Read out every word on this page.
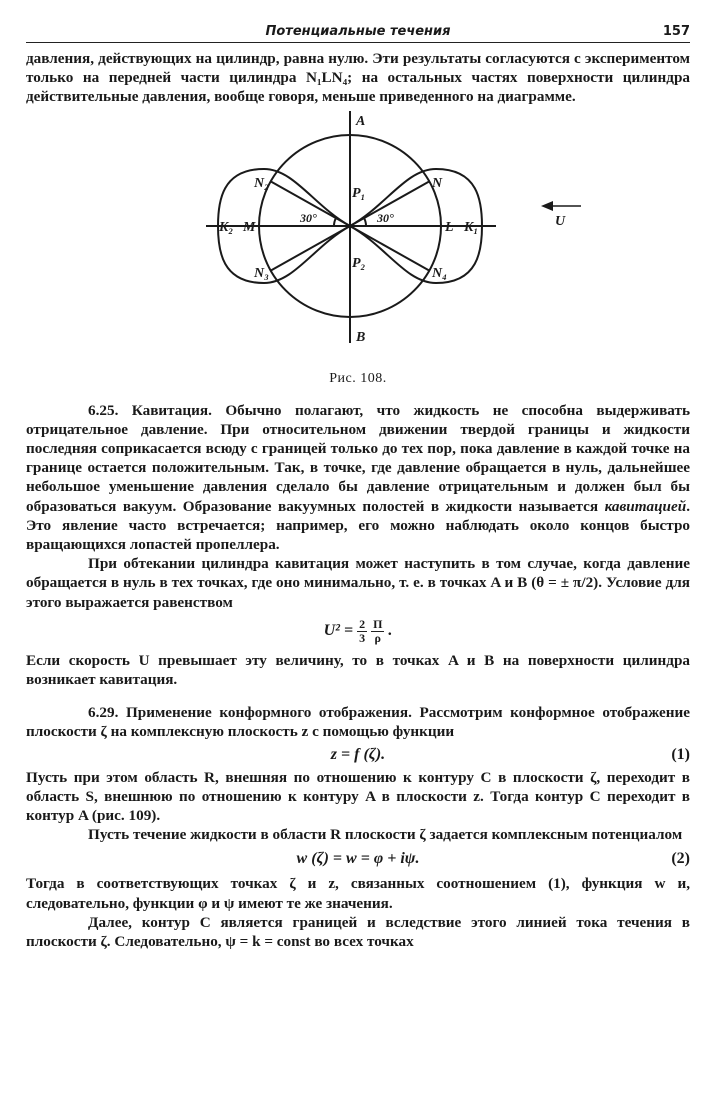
Потенциальные течения	157

давления, действующих на цилиндр, равна нулю. Эти результаты согласуются с экспериментом только на передней части цилиндра N₁LN₄; на остальных частях поверхности цилиндра действительные давления, вообще говоря, меньше приведенного на диаграмме.

A
B
N
N₂
N₃	N₄
K₁
K₂ M	L
P₁
P₂
U
30°	30°
Рис. 108.

6.25. Кавитация. Обычно полагают, что жидкость не способна выдерживать отрицательное давление. При относительном движении твердой границы и жидкости последняя соприкасается всюду с границей только до тех пор, пока давление в каждой точке на границе остается положительным. Так, в точке, где давление обращается в нуль, дальнейшее небольшое уменьшение давления сделало бы давление отрицательным и должен был бы образоваться вакуум. Образование вакуумных полостей в жидкости называется кавитацией. Это явление часто встречается; например, его можно наблюдать около концов быстро вращающихся лопастей пропеллера.

При обтекании цилиндра кавитация может наступить в том случае, когда давление обращается в нуль в тех точках, где оно минимально, т. е. в точках A и B (θ = ± π/2). Условие для этого выражается равенством

$U^2 = \frac{2}{3}$
$\frac{\Pi}{\rho}$ .

Если скорость U превышает эту величину, то в точках A и B на поверхности цилиндра возникает кавитация.

6.29. Применение конформного отображения. Рассмотрим конформное отображение плоскости ζ на комплексную плоскость z с помощью функции

z = f (ζ).	(1)

Пусть при этом область R, внешняя по отношению к контуру C в плоскости ζ, переходит в область S, внешнюю по отношению к контуру A в плоскости z. Тогда контур C переходит в контур A (рис. 109).

Пусть течение жидкости в области R плоскости ζ задается комплексным потенциалом

w (ζ) = w = φ + iψ.	(2)

Тогда в соответствующих точках ζ и z, связанных соотношением (1), функция w и, следовательно, функции φ и ψ имеют те же значения.

Далее, контур C является границей и вследствие этого линией тока течения в плоскости ζ. Следовательно, ψ = k = const во всех точках
